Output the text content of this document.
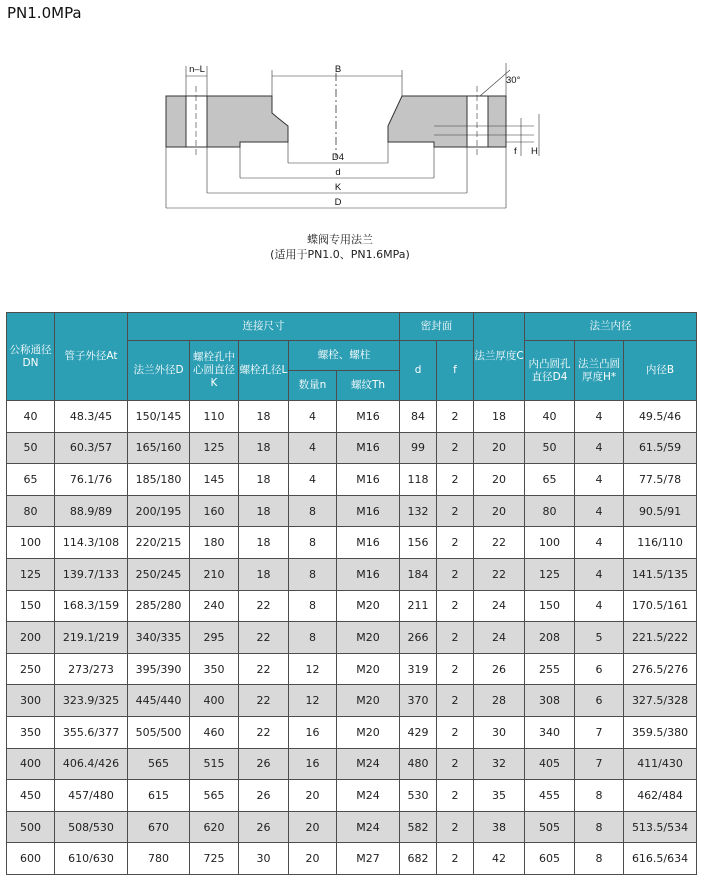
PN1.0MPa
n–L	B
30°
f H
D4
d
K
D
蝶阀专用法兰
(适用于PN1.0、PN1.6MPa)
公称通径DN	管子外径At	连接尺寸					密封面		法兰厚度C	法兰内径		
		法兰外径D	螺栓孔中心圆直径K	螺栓孔径L	螺栓、螺柱		d	f		内凸圆孔直径D4	法兰凸圆厚度H*	内径B
					数量n	螺纹Th						
40	48.3/45	150/145	110	18	4	M16	84	2	18	40	4	49.5/46
50	60.3/57	165/160	125	18	4	M16	99	2	20	50	4	61.5/59
65	76.1/76	185/180	145	18	4	M16	118	2	20	65	4	77.5/78
80	88.9/89	200/195	160	18	8	M16	132	2	20	80	4	90.5/91
100	114.3/108	220/215	180	18	8	M16	156	2	22	100	4	116/110
125	139.7/133	250/245	210	18	8	M16	184	2	22	125	4	141.5/135
150	168.3/159	285/280	240	22	8	M20	211	2	24	150	4	170.5/161
200	219.1/219	340/335	295	22	8	M20	266	2	24	208	5	221.5/222
250	273/273	395/390	350	22	12	M20	319	2	26	255	6	276.5/276
300	323.9/325	445/440	400	22	12	M20	370	2	28	308	6	327.5/328
350	355.6/377	505/500	460	22	16	M20	429	2	30	340	7	359.5/380
400	406.4/426	565	515	26	16	M24	480	2	32	405	7	411/430
450	457/480	615	565	26	20	M24	530	2	35	455	8	462/484
500	508/530	670	620	26	20	M24	582	2	38	505	8	513.5/534
600	610/630	780	725	30	20	M27	682	2	42	605	8	616.5/634
